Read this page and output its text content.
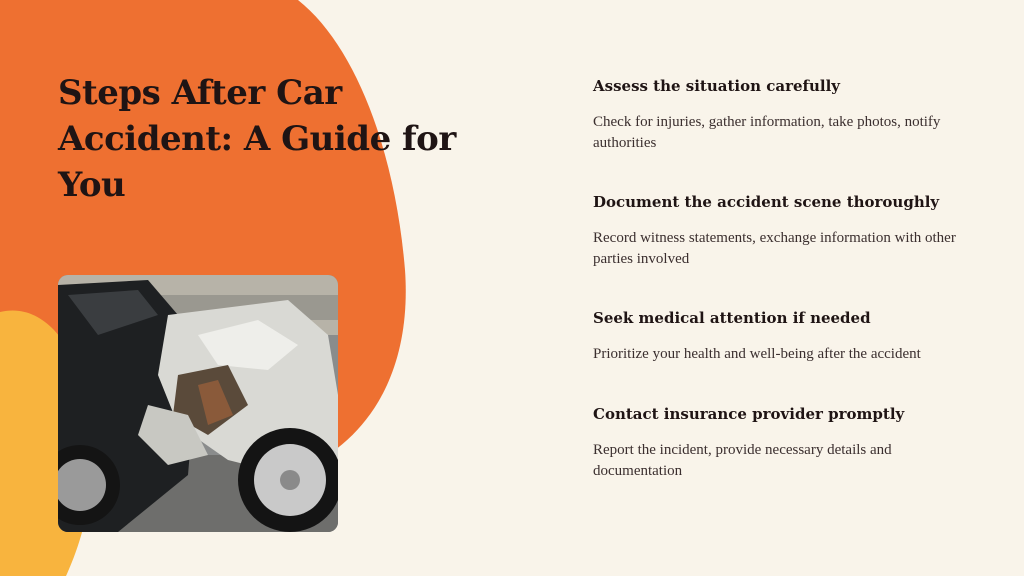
Steps After Car Accident: A Guide for You
Assess the situation carefully

Check for injuries, gather information, take photos, notify authorities

Document the accident scene thoroughly

Record witness statements, exchange information with other parties involved

Seek medical attention if needed

Prioritize your health and well-being after the accident

Contact insurance provider promptly

Report the incident, provide necessary details and documentation
